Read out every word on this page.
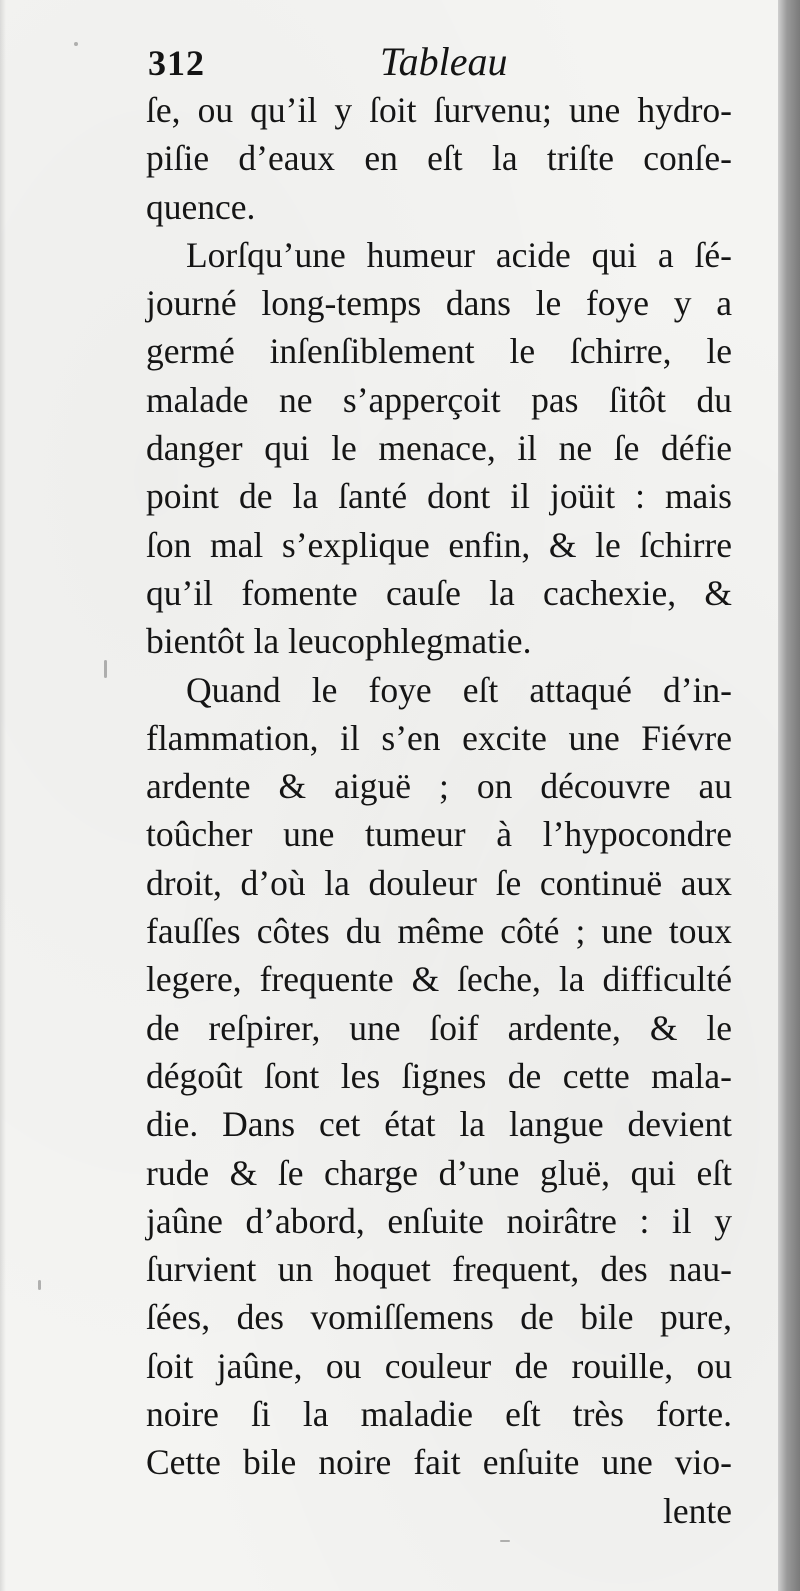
312	Tableau
ſe, ou qu’il y ſoit ſurvenu; une hydro-
piſie d’eaux en eſt la triſte conſe-
quence.
Lorſqu’une humeur acide qui a ſé-
journé long-temps dans le foye y a
germé inſenſiblement le ſchirre, le
malade ne s’apperçoit pas ſitôt du
danger qui le menace, il ne ſe défie
point de la ſanté dont il joüit : mais
ſon mal s’explique enfin, & le ſchirre
qu’il fomente cauſe la cachexie, &
bientôt la leucophlegmatie.
Quand le foye eſt attaqué d’in-
flammation, il s’en excite une Fiévre
ardente & aiguë ; on découvre au
toûcher une tumeur à l’hypocondre
droit, d’où la douleur ſe continuë aux
fauſſes côtes du même côté ; une toux
legere, frequente & ſeche, la difficulté
de reſpirer, une ſoif ardente, & le
dégoût ſont les ſignes de cette mala-
die. Dans cet état la langue devient
rude & ſe charge d’une gluë, qui eſt
jaûne d’abord, enſuite noirâtre : il y
ſurvient un hoquet frequent, des nau-
ſées, des vomiſſemens de bile pure,
ſoit jaûne, ou couleur de rouille, ou
noire ſi la maladie eſt très forte.
Cette bile noire fait enſuite une vio-
lente
